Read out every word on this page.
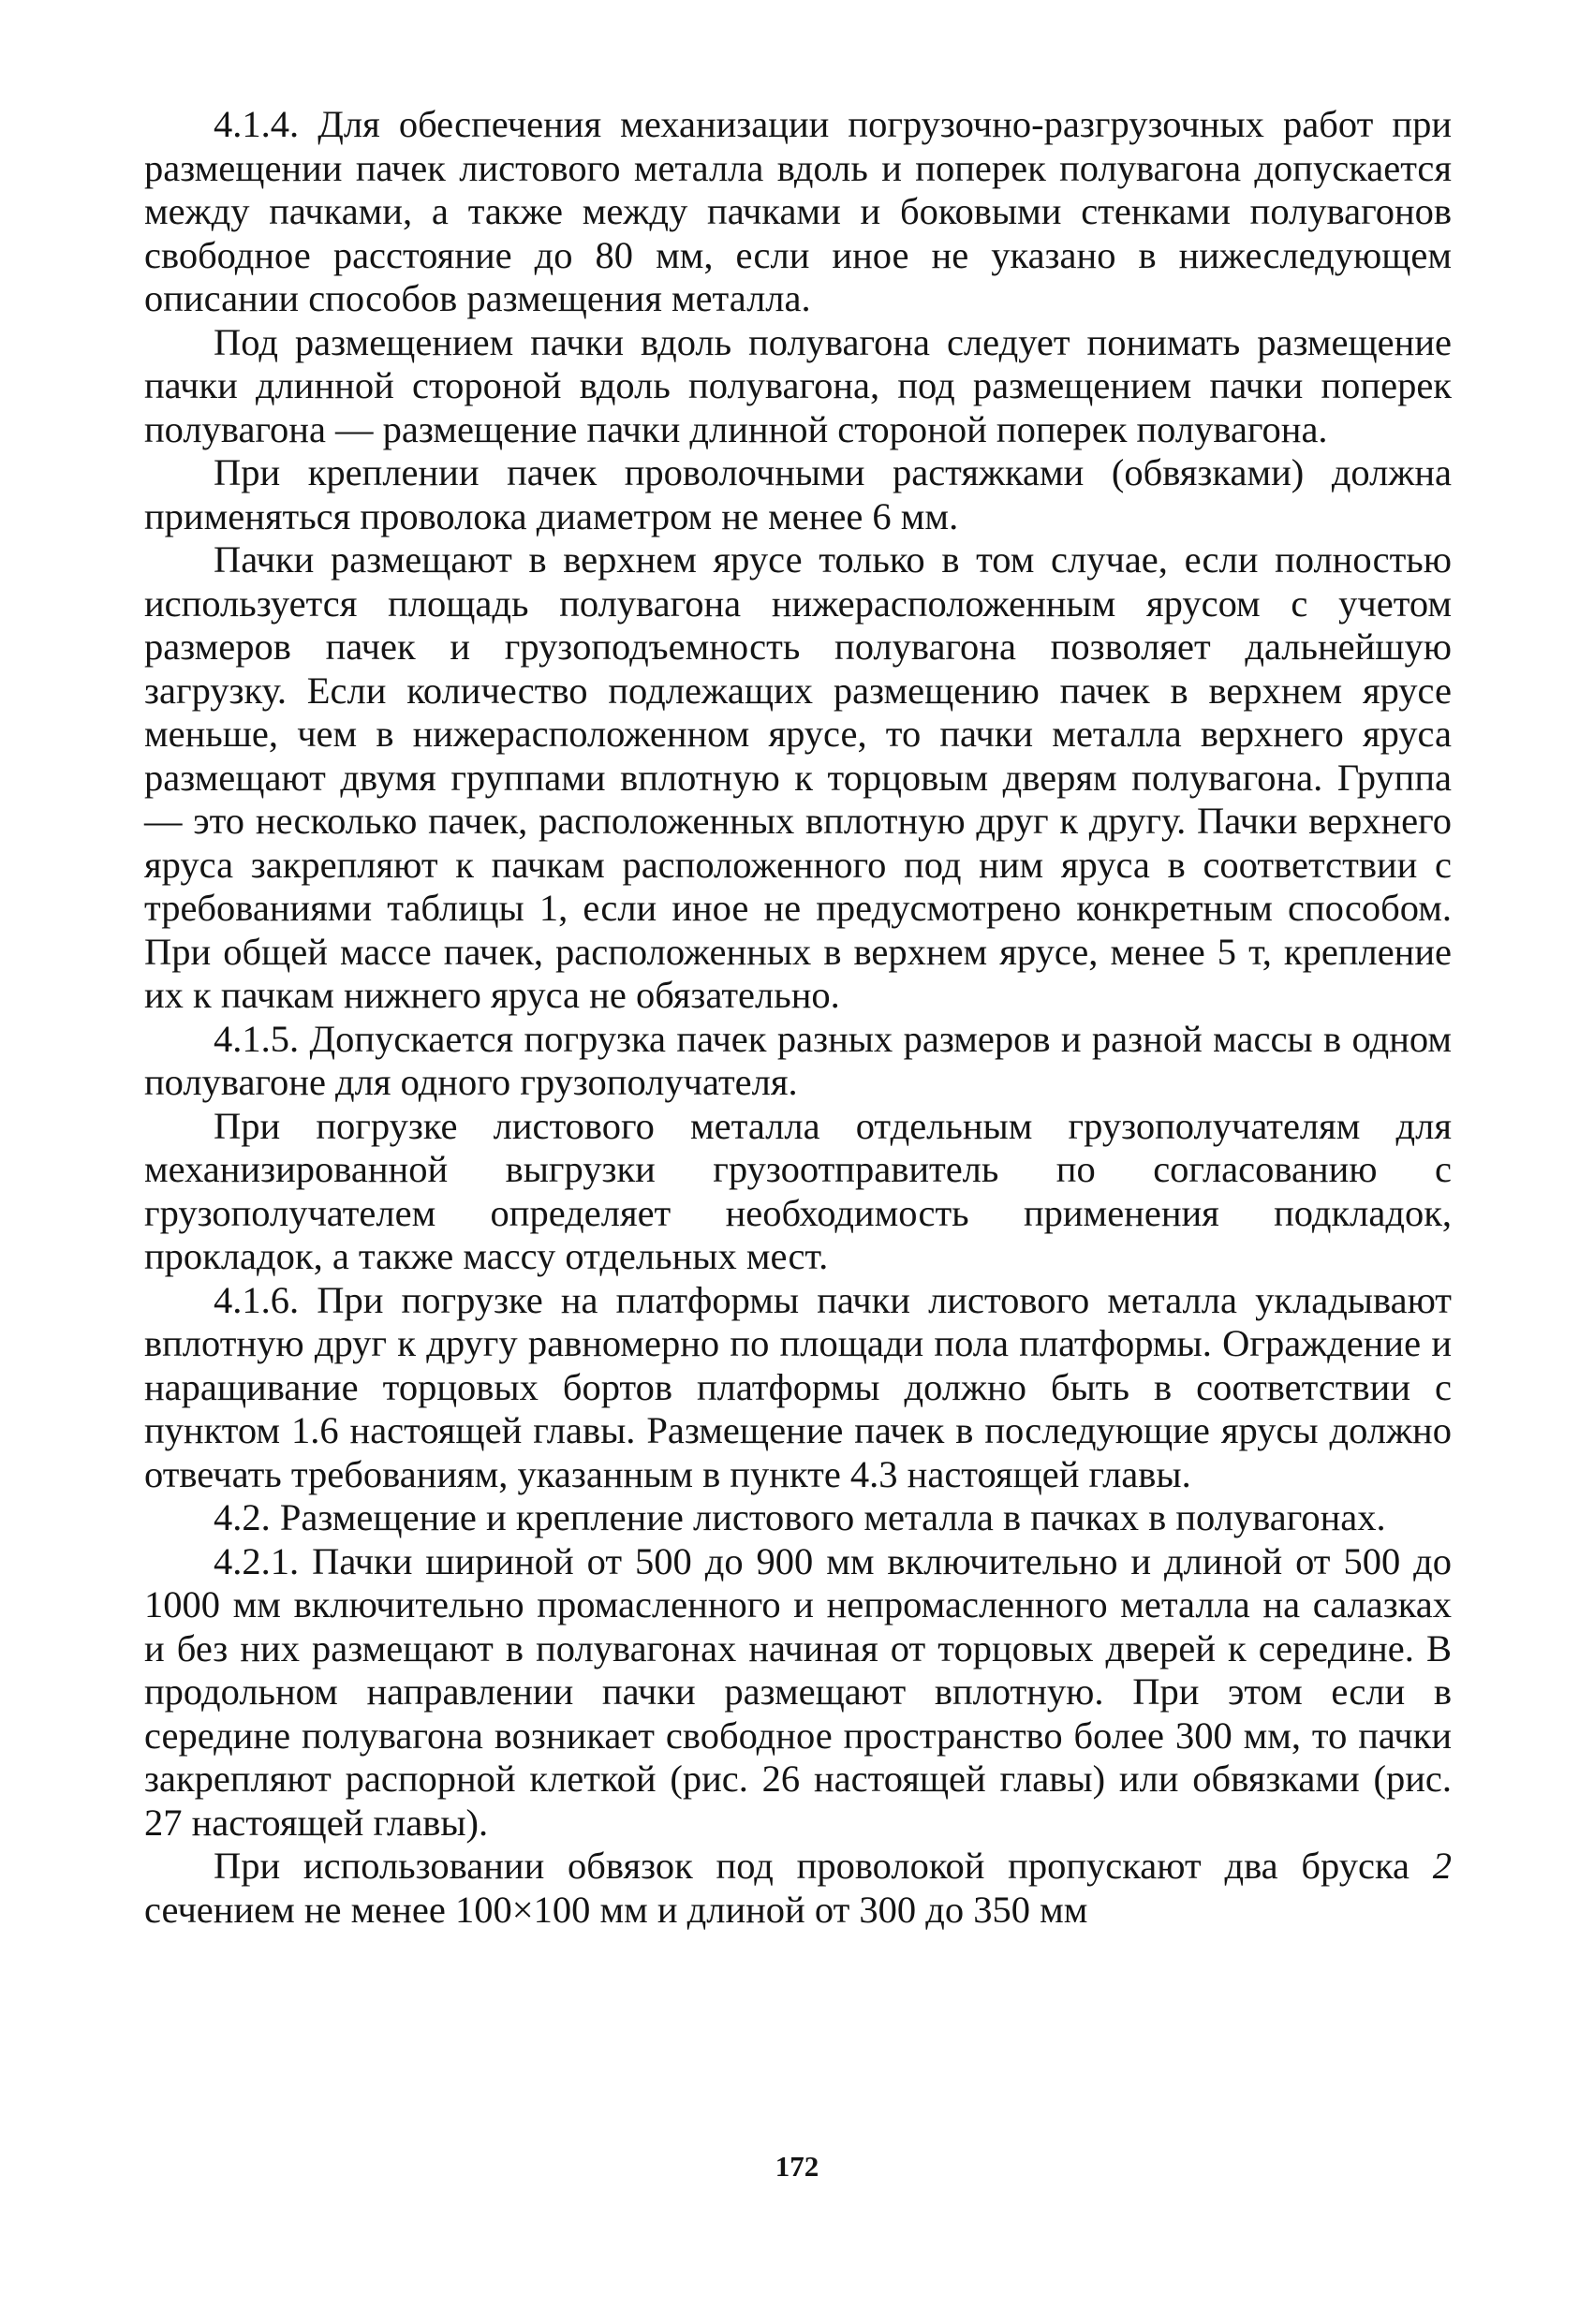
4.1.4. Для обеспечения механизации погрузочно-разгрузочных работ при размещении пачек листового металла вдоль и поперек полувагона допускается между пачками, а также между пачками и боковыми стенками полувагонов свободное расстояние до 80 мм, если иное не указано в нижеследующем описании способов размещения металла.

Под размещением пачки вдоль полувагона следует понимать размещение пачки длинной стороной вдоль полувагона, под размещением пачки поперек полувагона — размещение пачки длинной стороной поперек полувагона.

При креплении пачек проволочными растяжками (обвязками) должна применяться проволока диаметром не менее 6 мм.

Пачки размещают в верхнем ярусе только в том случае, если полностью используется площадь полувагона нижерасположенным ярусом с учетом размеров пачек и грузоподъемность полувагона позволяет дальнейшую загрузку. Если количество подлежащих размещению пачек в верхнем ярусе меньше, чем в нижерасположенном ярусе, то пачки металла верхнего яруса размещают двумя группами вплотную к торцовым дверям полувагона. Группа — это несколько пачек, расположенных вплотную друг к другу. Пачки верхнего яруса закрепляют к пачкам расположенного под ним яруса в соответствии с требованиями таблицы 1, если иное не предусмотрено конкретным способом. При общей массе пачек, расположенных в верхнем ярусе, менее 5 т, крепление их к пачкам нижнего яруса не обязательно.

4.1.5. Допускается погрузка пачек разных размеров и разной массы в одном полувагоне для одного грузополучателя.

При погрузке листового металла отдельным грузополучателям для механизированной выгрузки грузоотправитель по согласованию с грузополучателем определяет необходимость применения подкладок, прокладок, а также массу отдельных мест.

4.1.6. При погрузке на платформы пачки листового металла укладывают вплотную друг к другу равномерно по площади пола платформы. Ограждение и наращивание торцовых бортов платформы должно быть в соответствии с пунктом 1.6 настоящей главы. Размещение пачек в последующие ярусы должно отвечать требованиям, указанным в пункте 4.3 настоящей главы.

4.2. Размещение и крепление листового металла в пачках в полувагонах.

4.2.1. Пачки шириной от 500 до 900 мм включительно и длиной от 500 до 1000 мм включительно промасленного и непромасленного металла на салазках и без них размещают в полувагонах начиная от торцовых дверей к середине. В продольном направлении пачки размещают вплотную. При этом если в середине полувагона возникает свободное пространство более 300 мм, то пачки закрепляют распорной клеткой (рис. 26 настоящей главы) или обвязками (рис. 27 настоящей главы).

При использовании обвязок под проволокой пропускают два бруска 2 сечением не менее 100×100 мм и длиной от 300 до 350 мм

172
